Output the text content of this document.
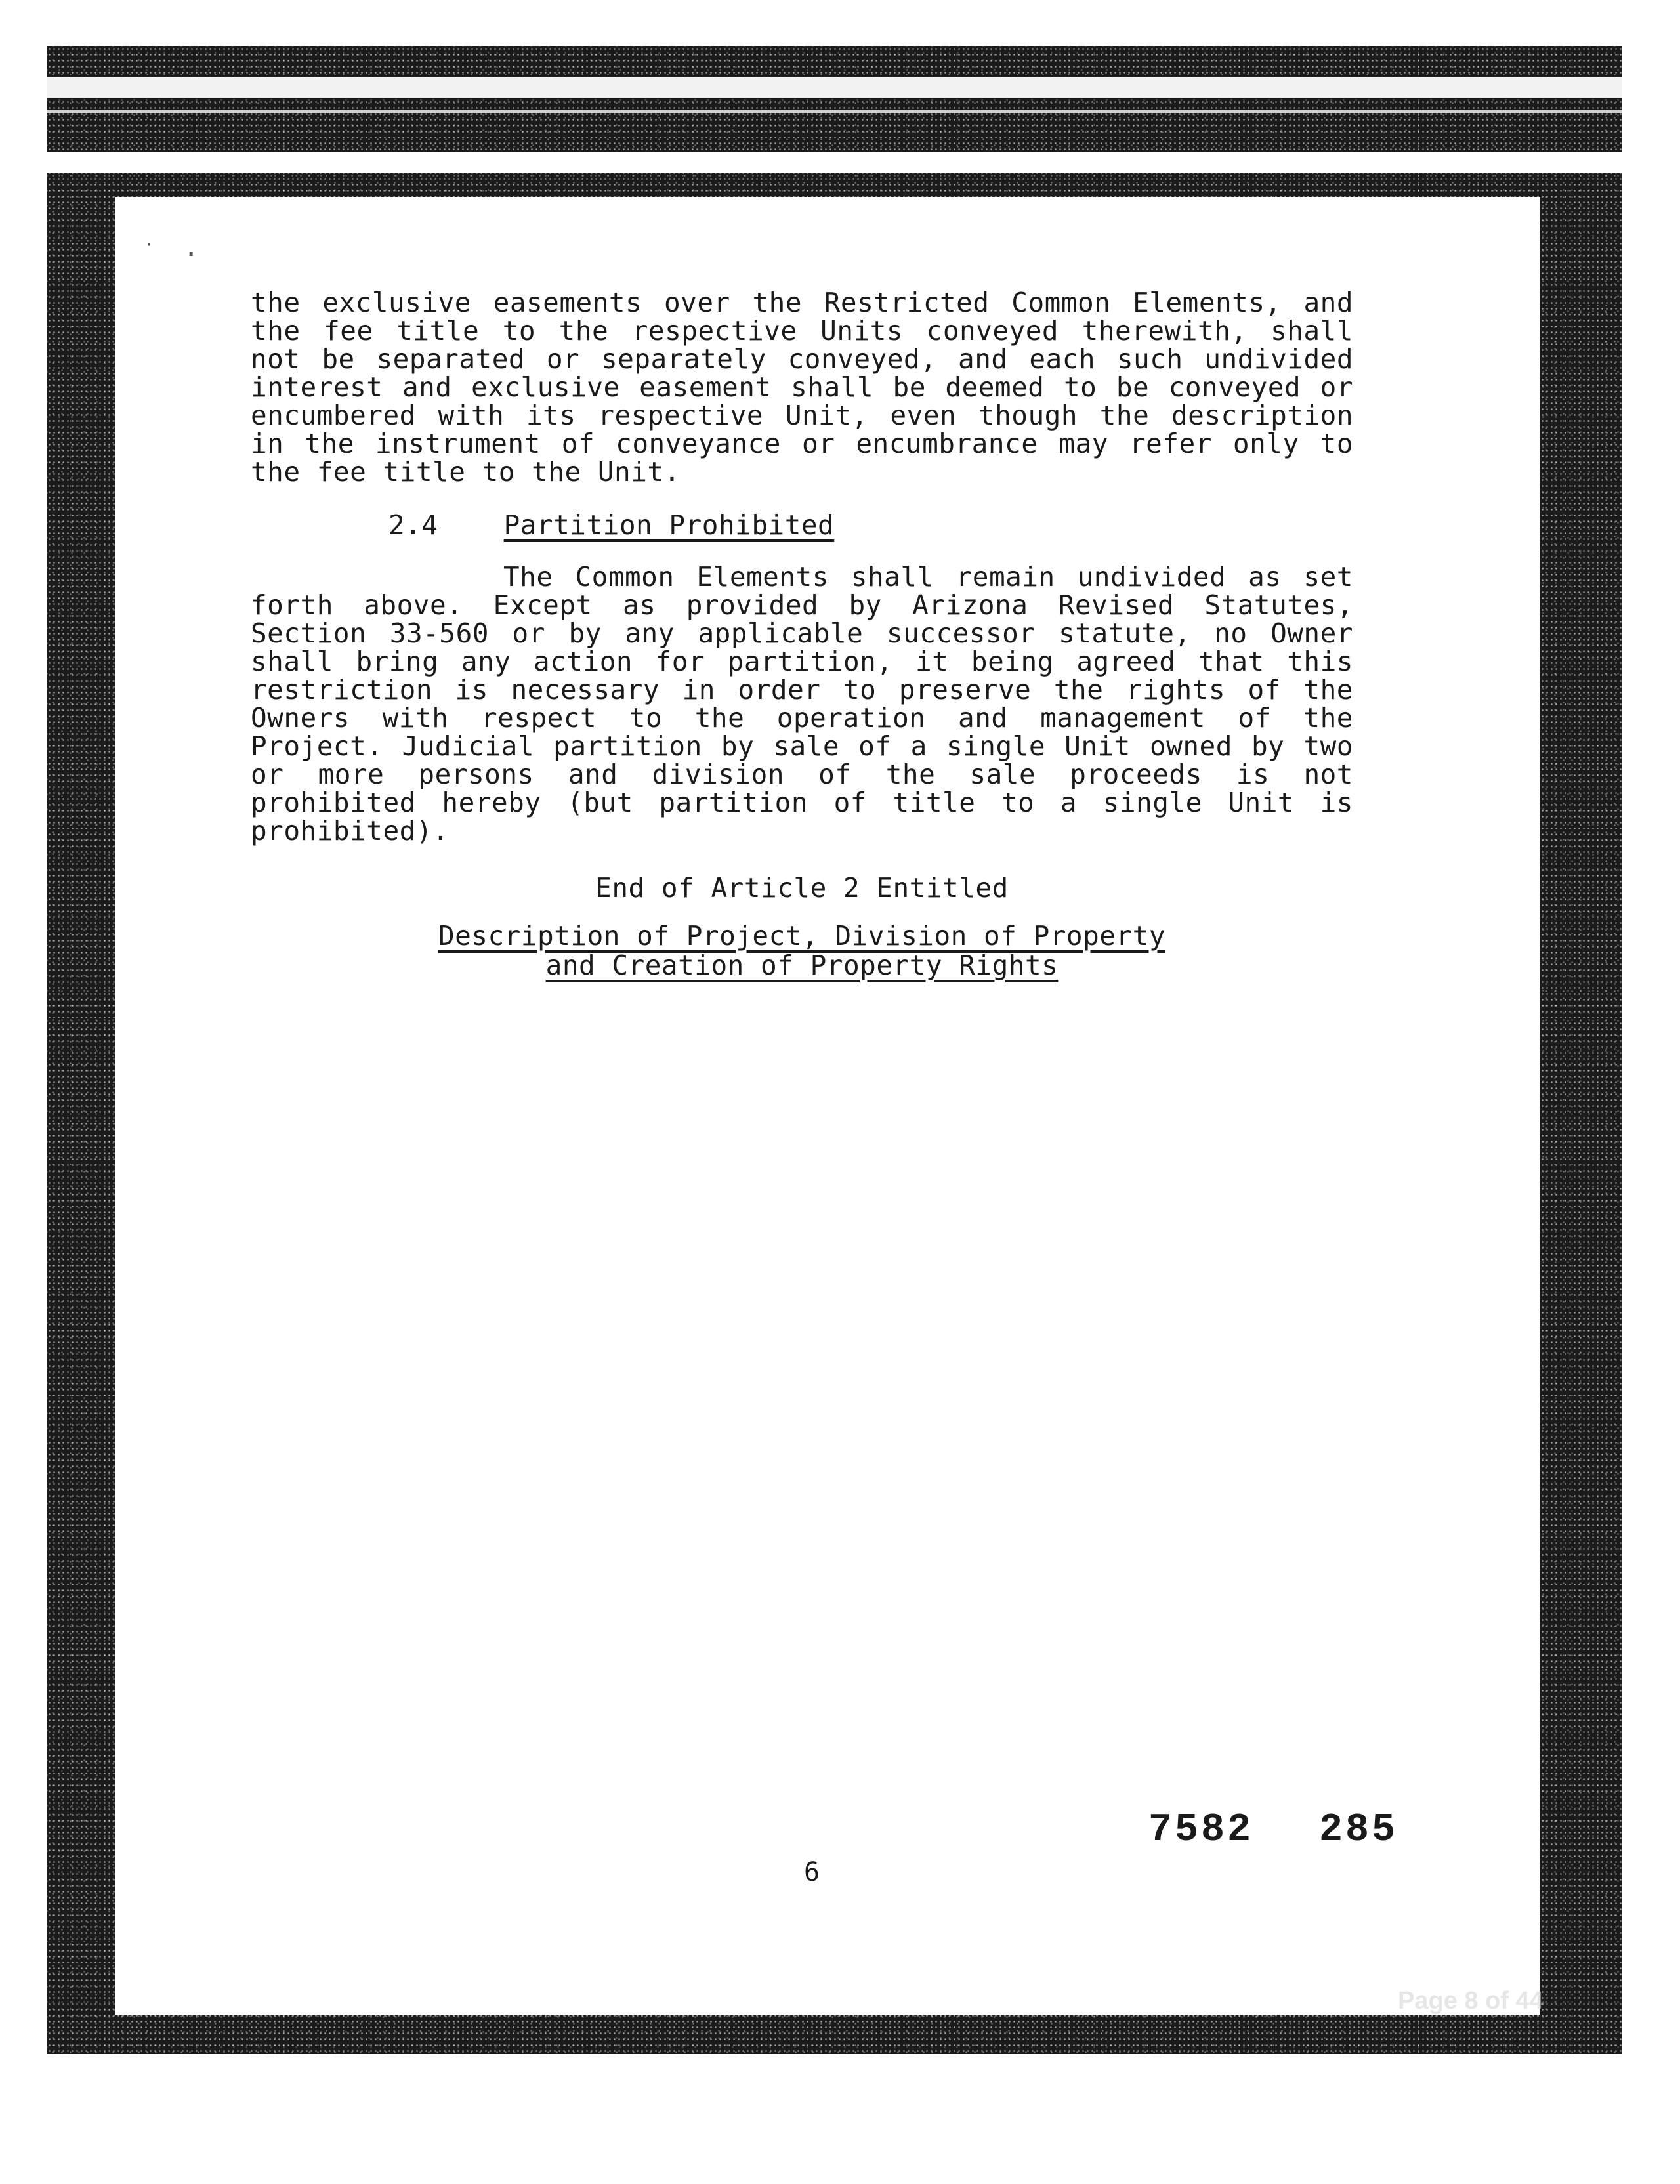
˙·

the exclusive easements over the Restricted Common Elements, and the fee title to the respective Units conveyed therewith, shall not be separated or separately conveyed, and each such undivided interest and exclusive easement shall be deemed to be conveyed or encumbered with its respective Unit, even though the description in the instrument of conveyance or encumbrance may refer only to the fee title to the Unit.

2.4 Partition Prohibited

The Common Elements shall remain undivided as set forth above. Except as provided by Arizona Revised Statutes, Section 33-560 or by any applicable successor statute, no Owner shall bring any action for partition, it being agreed that this restriction is necessary in order to preserve the rights of the Owners with respect to the operation and management of the Project. Judicial partition by sale of a single Unit owned by two or more persons and division of the sale proceeds is not prohibited hereby (but partition of title to a single Unit is prohibited).

End of Article 2 Entitled
Description of Project, Division of Property
and Creation of Property Rights
7582 285
6
Page 8 of 44
